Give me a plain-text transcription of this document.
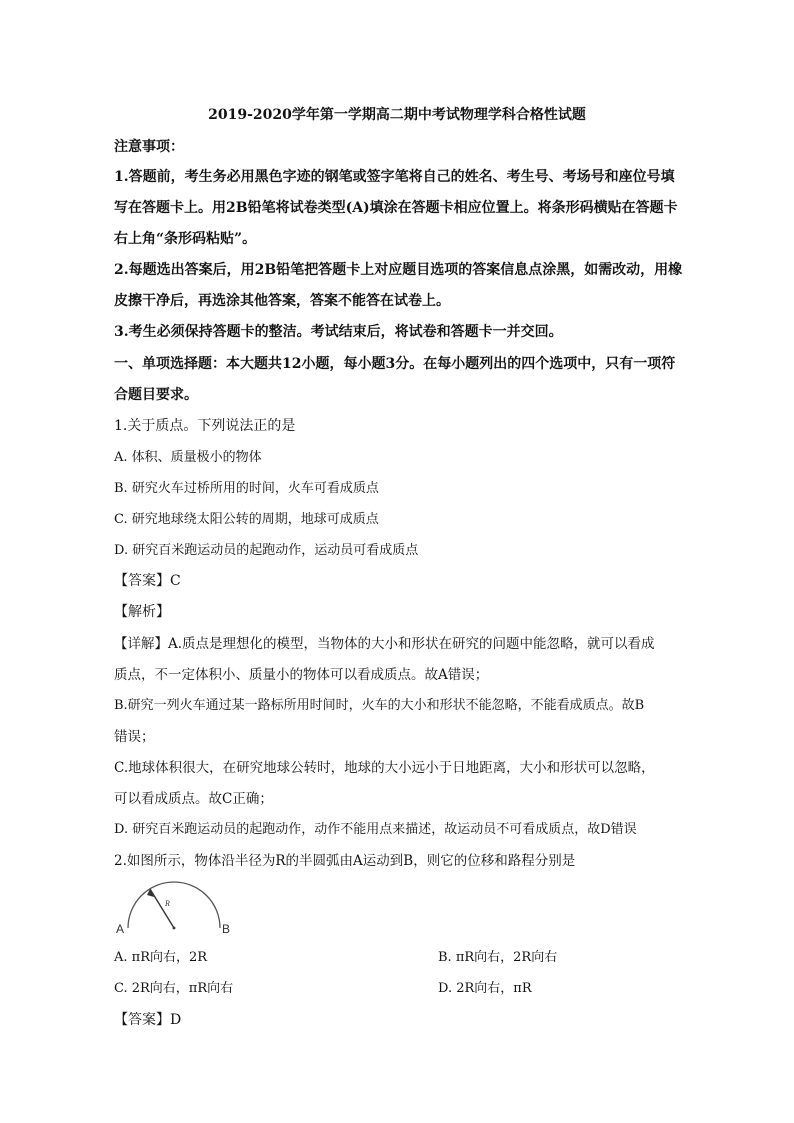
2019-2020学年第一学期高二期中考试物理学科合格性试题
注意事项：
1.答题前，考生务必用黑色字迹的钢笔或签字笔将自己的姓名、考生号、考场号和座位号填
写在答题卡上。用2B铅笔将试卷类型(A)填涂在答题卡相应位置上。将条形码横贴在答题卡
右上角“条形码粘贴”。
2.每题选出答案后，用2B铅笔把答题卡上对应题目选项的答案信息点涂黑，如需改动，用橡
皮擦干净后，再选涂其他答案，答案不能答在试卷上。
3.考生必须保持答题卡的整洁。考试结束后，将试卷和答题卡一并交回。
一、单项选择题：本大题共12小题，每小题3分。在每小题列出的四个选项中，只有一项符
合题目要求。
1.关于质点。下列说法正的是
A. 体积、质量极小的物体
B. 研究火车过桥所用的时间，火车可看成质点
C. 研究地球绕太阳公转的周期，地球可成质点
D. 研究百米跑运动员的起跑动作，运动员可看成质点
【答案】C
【解析】
【详解】A.质点是理想化的模型，当物体的大小和形状在研究的问题中能忽略，就可以看成
质点，不一定体积小、质量小的物体可以看成质点。故A错误；
B.研究一列火车通过某一路标所用时间时，火车的大小和形状不能忽略，不能看成质点。故B
错误；
C.地球体积很大，在研究地球公转时，地球的大小远小于日地距离，大小和形状可以忽略，
可以看成质点。故C正确；
D. 研究百米跑运动员的起跑动作，动作不能用点来描述，故运动员不可看成质点，故D错误
2.如图所示，物体沿半径为R的半圆弧由A运动到B，则它的位移和路程分别是
R
A	B
A. πR向右，2R	B. πR向右，2R向右
C. 2R向右，πR向右	D. 2R向右，πR
【答案】D
